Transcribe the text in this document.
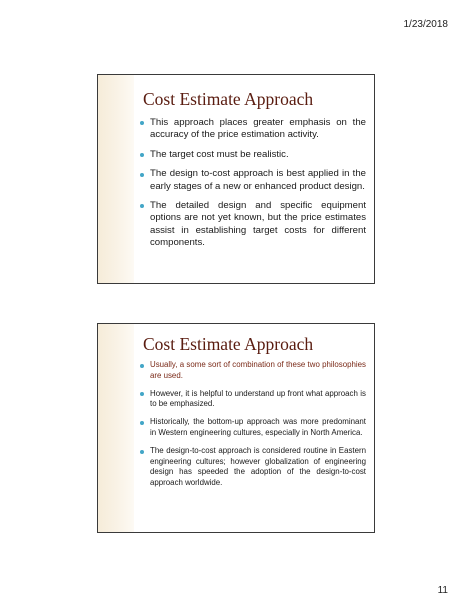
1/23/2018
Cost Estimate Approach
This approach places greater emphasis on the accuracy of the price estimation activity.
The target cost must be realistic.
The design to-cost approach is best applied in the early stages of a new or enhanced product design.
The detailed design and specific equipment options are not yet known, but the price estimates assist in establishing target costs for different components.
Cost Estimate Approach
Usually, a some sort of combination of these two philosophies are used.
However, it is helpful to understand up front what approach is to be emphasized.
Historically, the bottom-up approach was more predominant in Western engineering cultures, especially in North America.
The design-to-cost approach is considered routine in Eastern engineering cultures; however globalization of engineering design has speeded the adoption of the design-to-cost approach worldwide.
11
